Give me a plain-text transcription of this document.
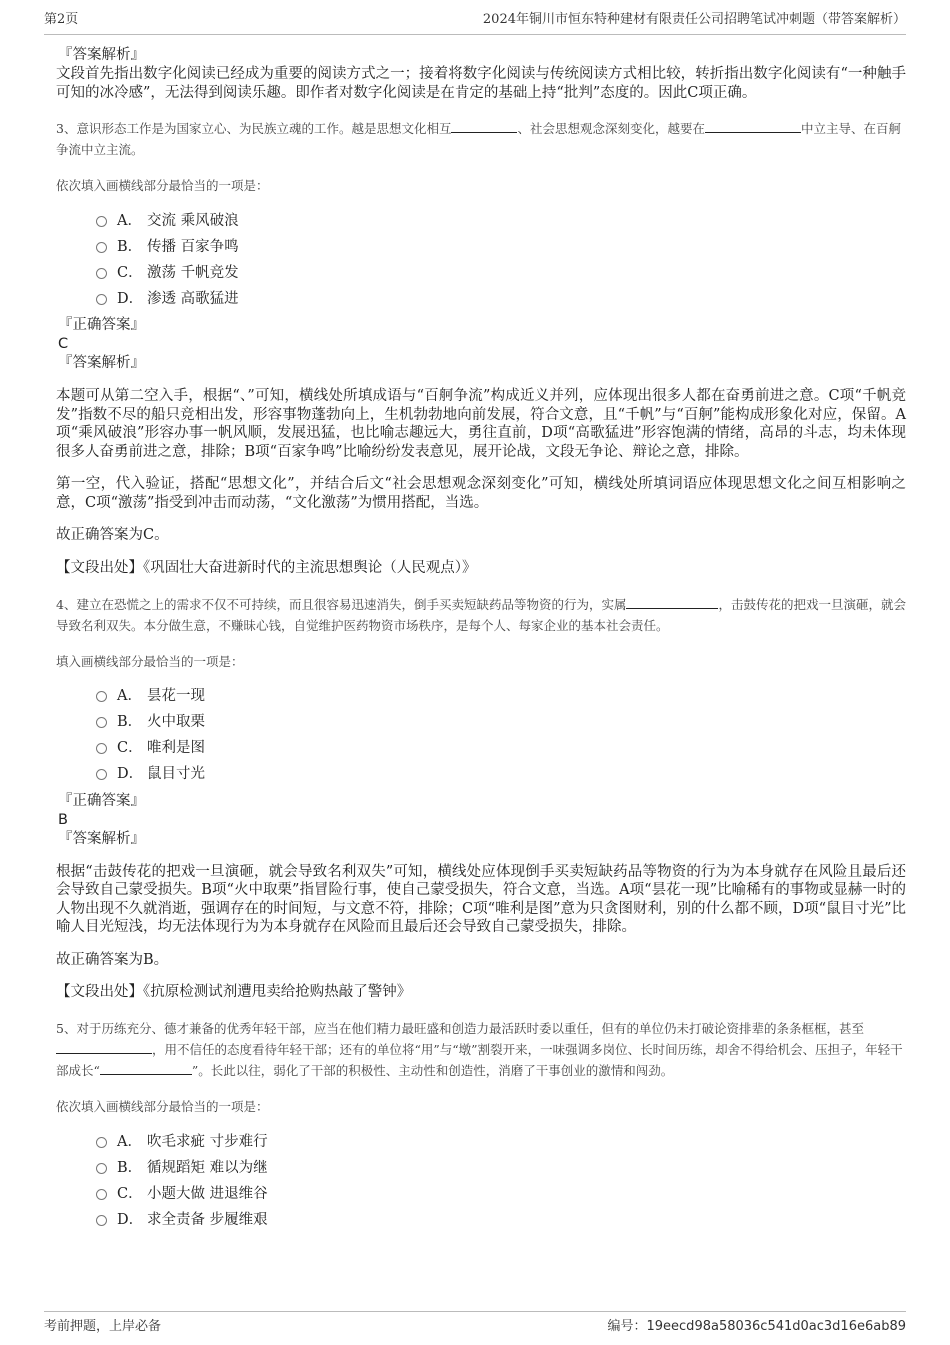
第2页	2024年铜川市恒东特种建材有限责任公司招聘笔试冲刺题（带答案解析）
『答案解析』

文段首先指出数字化阅读已经成为重要的阅读方式之一；接着将数字化阅读与传统阅读方式相比较，转折指出数字化阅读有“一种触手可知的冰冷感”，无法得到阅读乐趣。即作者对数字化阅读是在肯定的基础上持“批判”态度的。因此C项正确。

3、意识形态工作是为国家立心、为民族立魂的工作。越是思想文化相互	、社会思想观念深刻变化，越要在	中立主导、在百舸争流中立主流。
依次填入画横线部分最恰当的一项是：
A． 交流 乘风破浪
B． 传播 百家争鸣
C． 激荡 千帆竞发
D． 渗透 高歌猛进
『正确答案』
C
『答案解析』

本题可从第二空入手，根据“、”可知，横线处所填成语与“百舸争流”构成近义并列，应体现出很多人都在奋勇前进之意。C项“千帆竞发”指数不尽的船只竞相出发，形容事物蓬勃向上，生机勃勃地向前发展，符合文意，且“千帆”与“百舸”能构成形象化对应，保留。A项“乘风破浪”形容办事一帆风顺，发展迅猛，也比喻志趣远大，勇往直前，D项“高歌猛进”形容饱满的情绪，高昂的斗志，均未体现很多人奋勇前进之意，排除；B项“百家争鸣”比喻纷纷发表意见，展开论战，文段无争论、辩论之意，排除。

第一空，代入验证，搭配“思想文化”，并结合后文“社会思想观念深刻变化”可知，横线处所填词语应体现思想文化之间互相影响之意，C项“激荡”指受到冲击而动荡，“文化激荡”为惯用搭配，当选。

故正确答案为C。

【文段出处】《巩固壮大奋进新时代的主流思想舆论（人民观点）》
4、建立在恐慌之上的需求不仅不可持续，而且很容易迅速消失，倒手买卖短缺药品等物资的行为，实属	，击鼓传花的把戏一旦演砸，就会导致名利双失。本分做生意，不赚昧心钱，自觉维护医药物资市场秩序，是每个人、每家企业的基本社会责任。
填入画横线部分最恰当的一项是：
A． 昙花一现
B． 火中取栗
C． 唯利是图
D． 鼠目寸光
『正确答案』
B
『答案解析』

根据“击鼓传花的把戏一旦演砸，就会导致名利双失”可知，横线处应体现倒手买卖短缺药品等物资的行为为本身就存在风险且最后还会导致自己蒙受损失。B项“火中取栗”指冒险行事，使自己蒙受损失，符合文意，当选。A项“昙花一现”比喻稀有的事物或显赫一时的人物出现不久就消逝，强调存在的时间短，与文意不符，排除；C项“唯利是图”意为只贪图财利，别的什么都不顾，D项“鼠目寸光”比喻人目光短浅，均无法体现行为为本身就存在风险而且最后还会导致自己蒙受损失，排除。

故正确答案为B。

【文段出处】《抗原检测试剂遭甩卖给抢购热敲了警钟》
5、对于历练充分、德才兼备的优秀年轻干部，应当在他们精力最旺盛和创造力最活跃时委以重任，但有的单位仍未打破论资排辈的条条框框，甚至，用不信任的态度看待年轻干部；还有的单位将“用”与“墩”割裂开来，一味强调多岗位、长时间历练，却舍不得给机会、压担子，年轻干部成长“	”。长此以往，弱化了干部的积极性、主动性和创造性，消磨了干事创业的激情和闯劲。
依次填入画横线部分最恰当的一项是：
A． 吹毛求疵 寸步难行
B． 循规蹈矩 难以为继
C． 小题大做 进退维谷
D． 求全责备 步履维艰
考前押题，上岸必备	编号：19eecd98a58036c541d0ac3d16e6ab89
